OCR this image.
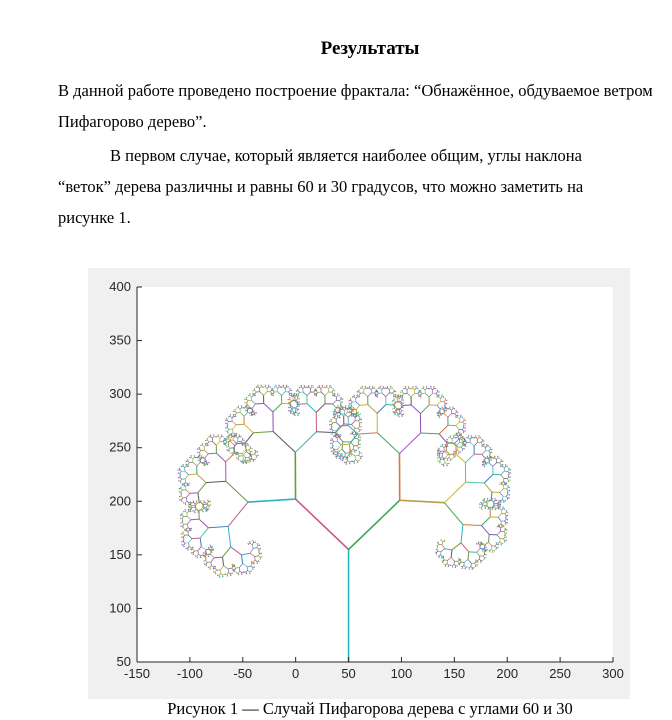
Результаты
В данной работе проведено построение фрактала: “Обнажённое, обдуваемое ветром
Пифагорово дерево”.
В первом случае, который является наиболее общим, углы наклона
“веток” дерева различны и равны 60 и 30 градусов, что можно заметить на
рисунке 1.
-150 -100 -50	0	50	100 150 200 250 300
50
100
150
200
250
300
350
400
Рисунок 1 — Случай Пифагорова дерева с углами 60 и 30
